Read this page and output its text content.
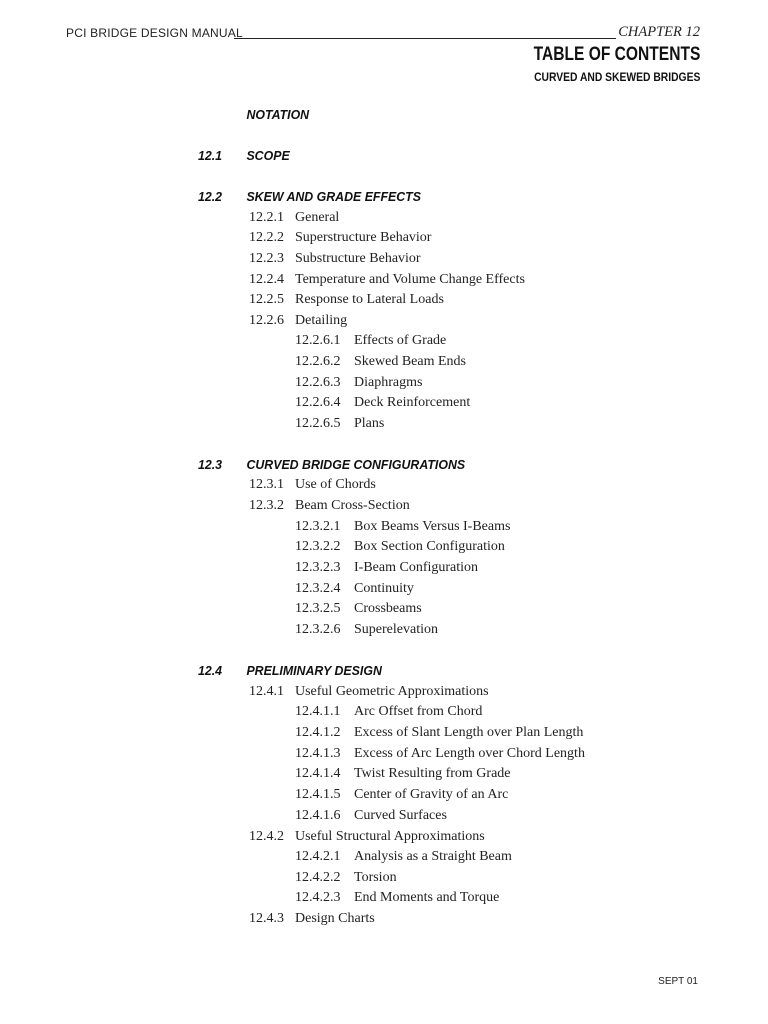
PCI BRIDGE DESIGN MANUAL	CHAPTER 12
TABLE OF CONTENTS
CURVED AND SKEWED BRIDGES
NOTATION
12.1 SCOPE
12.2 SKEW AND GRADE EFFECTS
12.2.1 General
12.2.2 Superstructure Behavior
12.2.3 Substructure Behavior
12.2.4 Temperature and Volume Change Effects
12.2.5 Response to Lateral Loads
12.2.6 Detailing
12.2.6.1 Effects of Grade
12.2.6.2 Skewed Beam Ends
12.2.6.3 Diaphragms
12.2.6.4 Deck Reinforcement
12.2.6.5 Plans
12.3 CURVED BRIDGE CONFIGURATIONS
12.3.1 Use of Chords
12.3.2 Beam Cross-Section
12.3.2.1 Box Beams Versus I-Beams
12.3.2.2 Box Section Configuration
12.3.2.3 I-Beam Configuration
12.3.2.4 Continuity
12.3.2.5 Crossbeams
12.3.2.6 Superelevation
12.4 PRELIMINARY DESIGN
12.4.1 Useful Geometric Approximations
12.4.1.1 Arc Offset from Chord
12.4.1.2 Excess of Slant Length over Plan Length
12.4.1.3 Excess of Arc Length over Chord Length
12.4.1.4 Twist Resulting from Grade
12.4.1.5 Center of Gravity of an Arc
12.4.1.6 Curved Surfaces
12.4.2 Useful Structural Approximations
12.4.2.1 Analysis as a Straight Beam
12.4.2.2 Torsion
12.4.2.3 End Moments and Torque
12.4.3 Design Charts
SEPT 01
